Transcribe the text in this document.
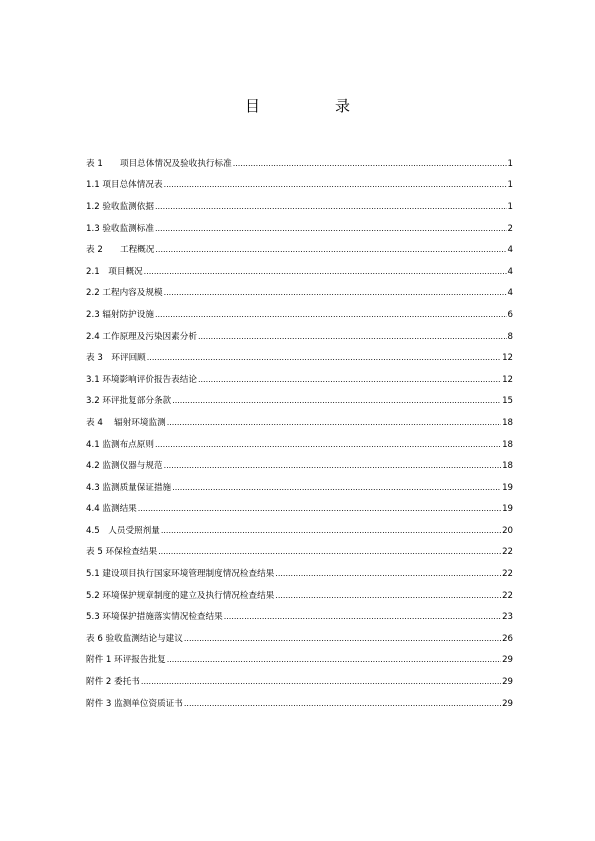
目　录
表 1　　项目总体情况及验收执行标准 .....	1
1.1 项目总体情况表 .....	1
1.2 验收监测依据 .....	1
1.3 验收监测标准 .....	2
表 2　　工程概况 .....	4
2.1　项目概况 .....	4
2.2 工程内容及规模 .....	4
2.3 辐射防护设施 .....	6
2.4 工作原理及污染因素分析 .....	8
表 3　环评回顾 .....	12
3.1 环境影响评价报告表结论 .....	12
3.2 环评批复部分条款 .....	15
表 4　 辐射环境监测 .....	18
4.1 监测布点原则 .....	18
4.2 监测仪器与规范 .....	18
4.3 监测质量保证措施 .....	19
4.4 监测结果 .....	19
4.5　人员受照剂量 .....	20
表 5 环保检查结果 .....	22
5.1 建设项目执行国家环境管理制度情况检查结果 .....	22
5.2 环境保护规章制度的建立及执行情况检查结果 .....	22
5.3 环境保护措施落实情况检查结果 .....	23
表 6 验收监测结论与建议 .....	26
附件 1 环评报告批复 .....	29
附件 2 委托书 .....	29
附件 3 监测单位资质证书 .....	29
